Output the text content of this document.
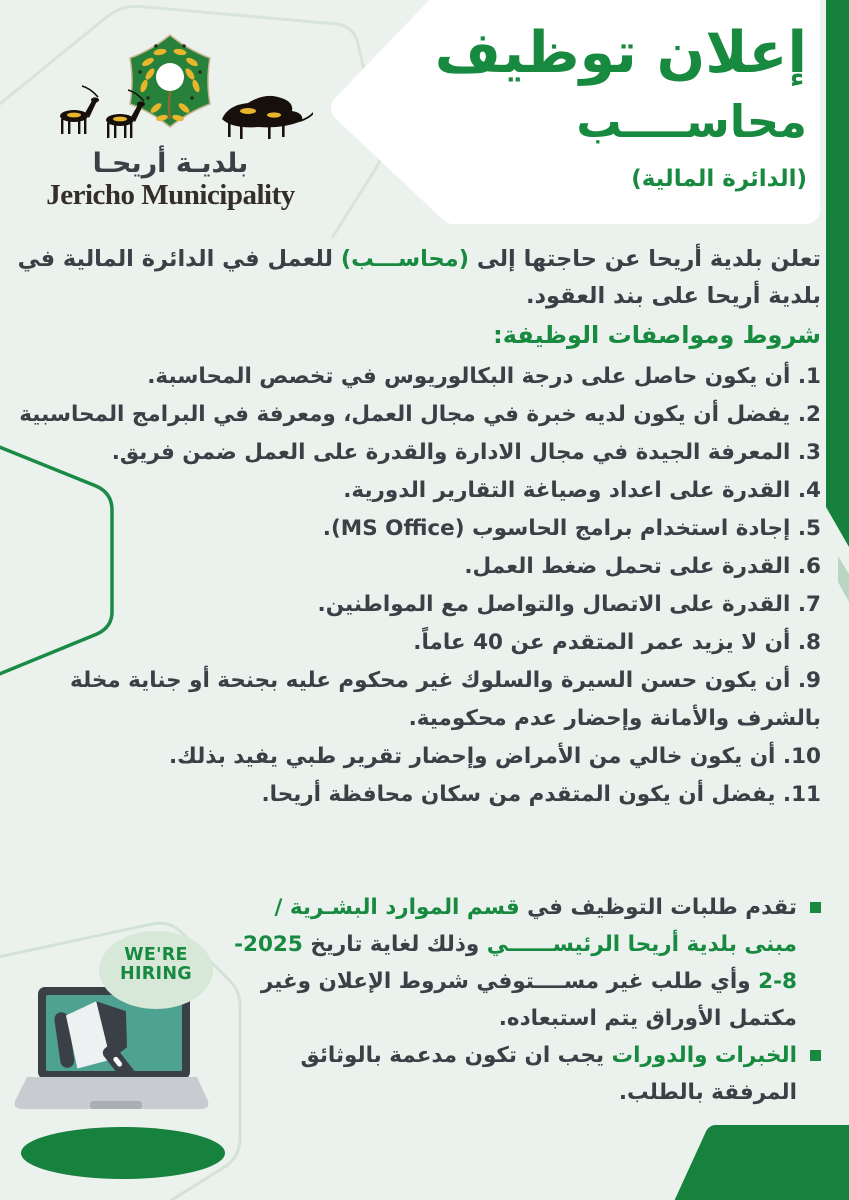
بلديـة أريحـا
Jericho Municipality
إعلان توظيف
محاســــب
(الدائرة المالية)
تعلن بلدية أريحا عن حاجتها إلى (محاســـب) للعمل في الدائرة المالية في بلدية أريحا على بند العقود.
شروط ومواصفات الوظيفة:
1. أن يكون حاصل على درجة البكالوريوس في تخصص المحاسبة.
2. يفضل أن يكون لديه خبرة في مجال العمل، ومعرفة في البرامج المحاسبية
3. المعرفة الجيدة في مجال الادارة والقدرة على العمل ضمن فريق.
4. القدرة على اعداد وصياغة التقارير الدورية.
5. إجادة استخدام برامج الحاسوب (MS Office).
6. القدرة على تحمل ضغط العمل.
7. القدرة على الاتصال والتواصل مع المواطنين.
8. أن لا يزيد عمر المتقدم عن 40 عاماً.
9. أن يكون حسن السيرة والسلوك غير محكوم عليه بجنحة أو جناية مخلة بالشرف والأمانة وإحضار عدم محكومية.
10. أن يكون خالي من الأمراض وإحضار تقرير طبي يفيد بذلك.
11. يفضل أن يكون المتقدم من سكان محافظة أريحا.
تقدم طلبات التوظيف في قسم الموارد البشـرية / مبنى بلدية أريحا الرئيســــــي وذلك لغاية تاريخ 2025-8-2 وأي طلب غير مســــتوفي شروط الإعلان وغير مكتمل الأوراق يتم استبعاده.
الخبرات والدورات يجب ان تكون مدعمة بالوثائق المرفقة بالطلب.
WE'RE
HIRING
